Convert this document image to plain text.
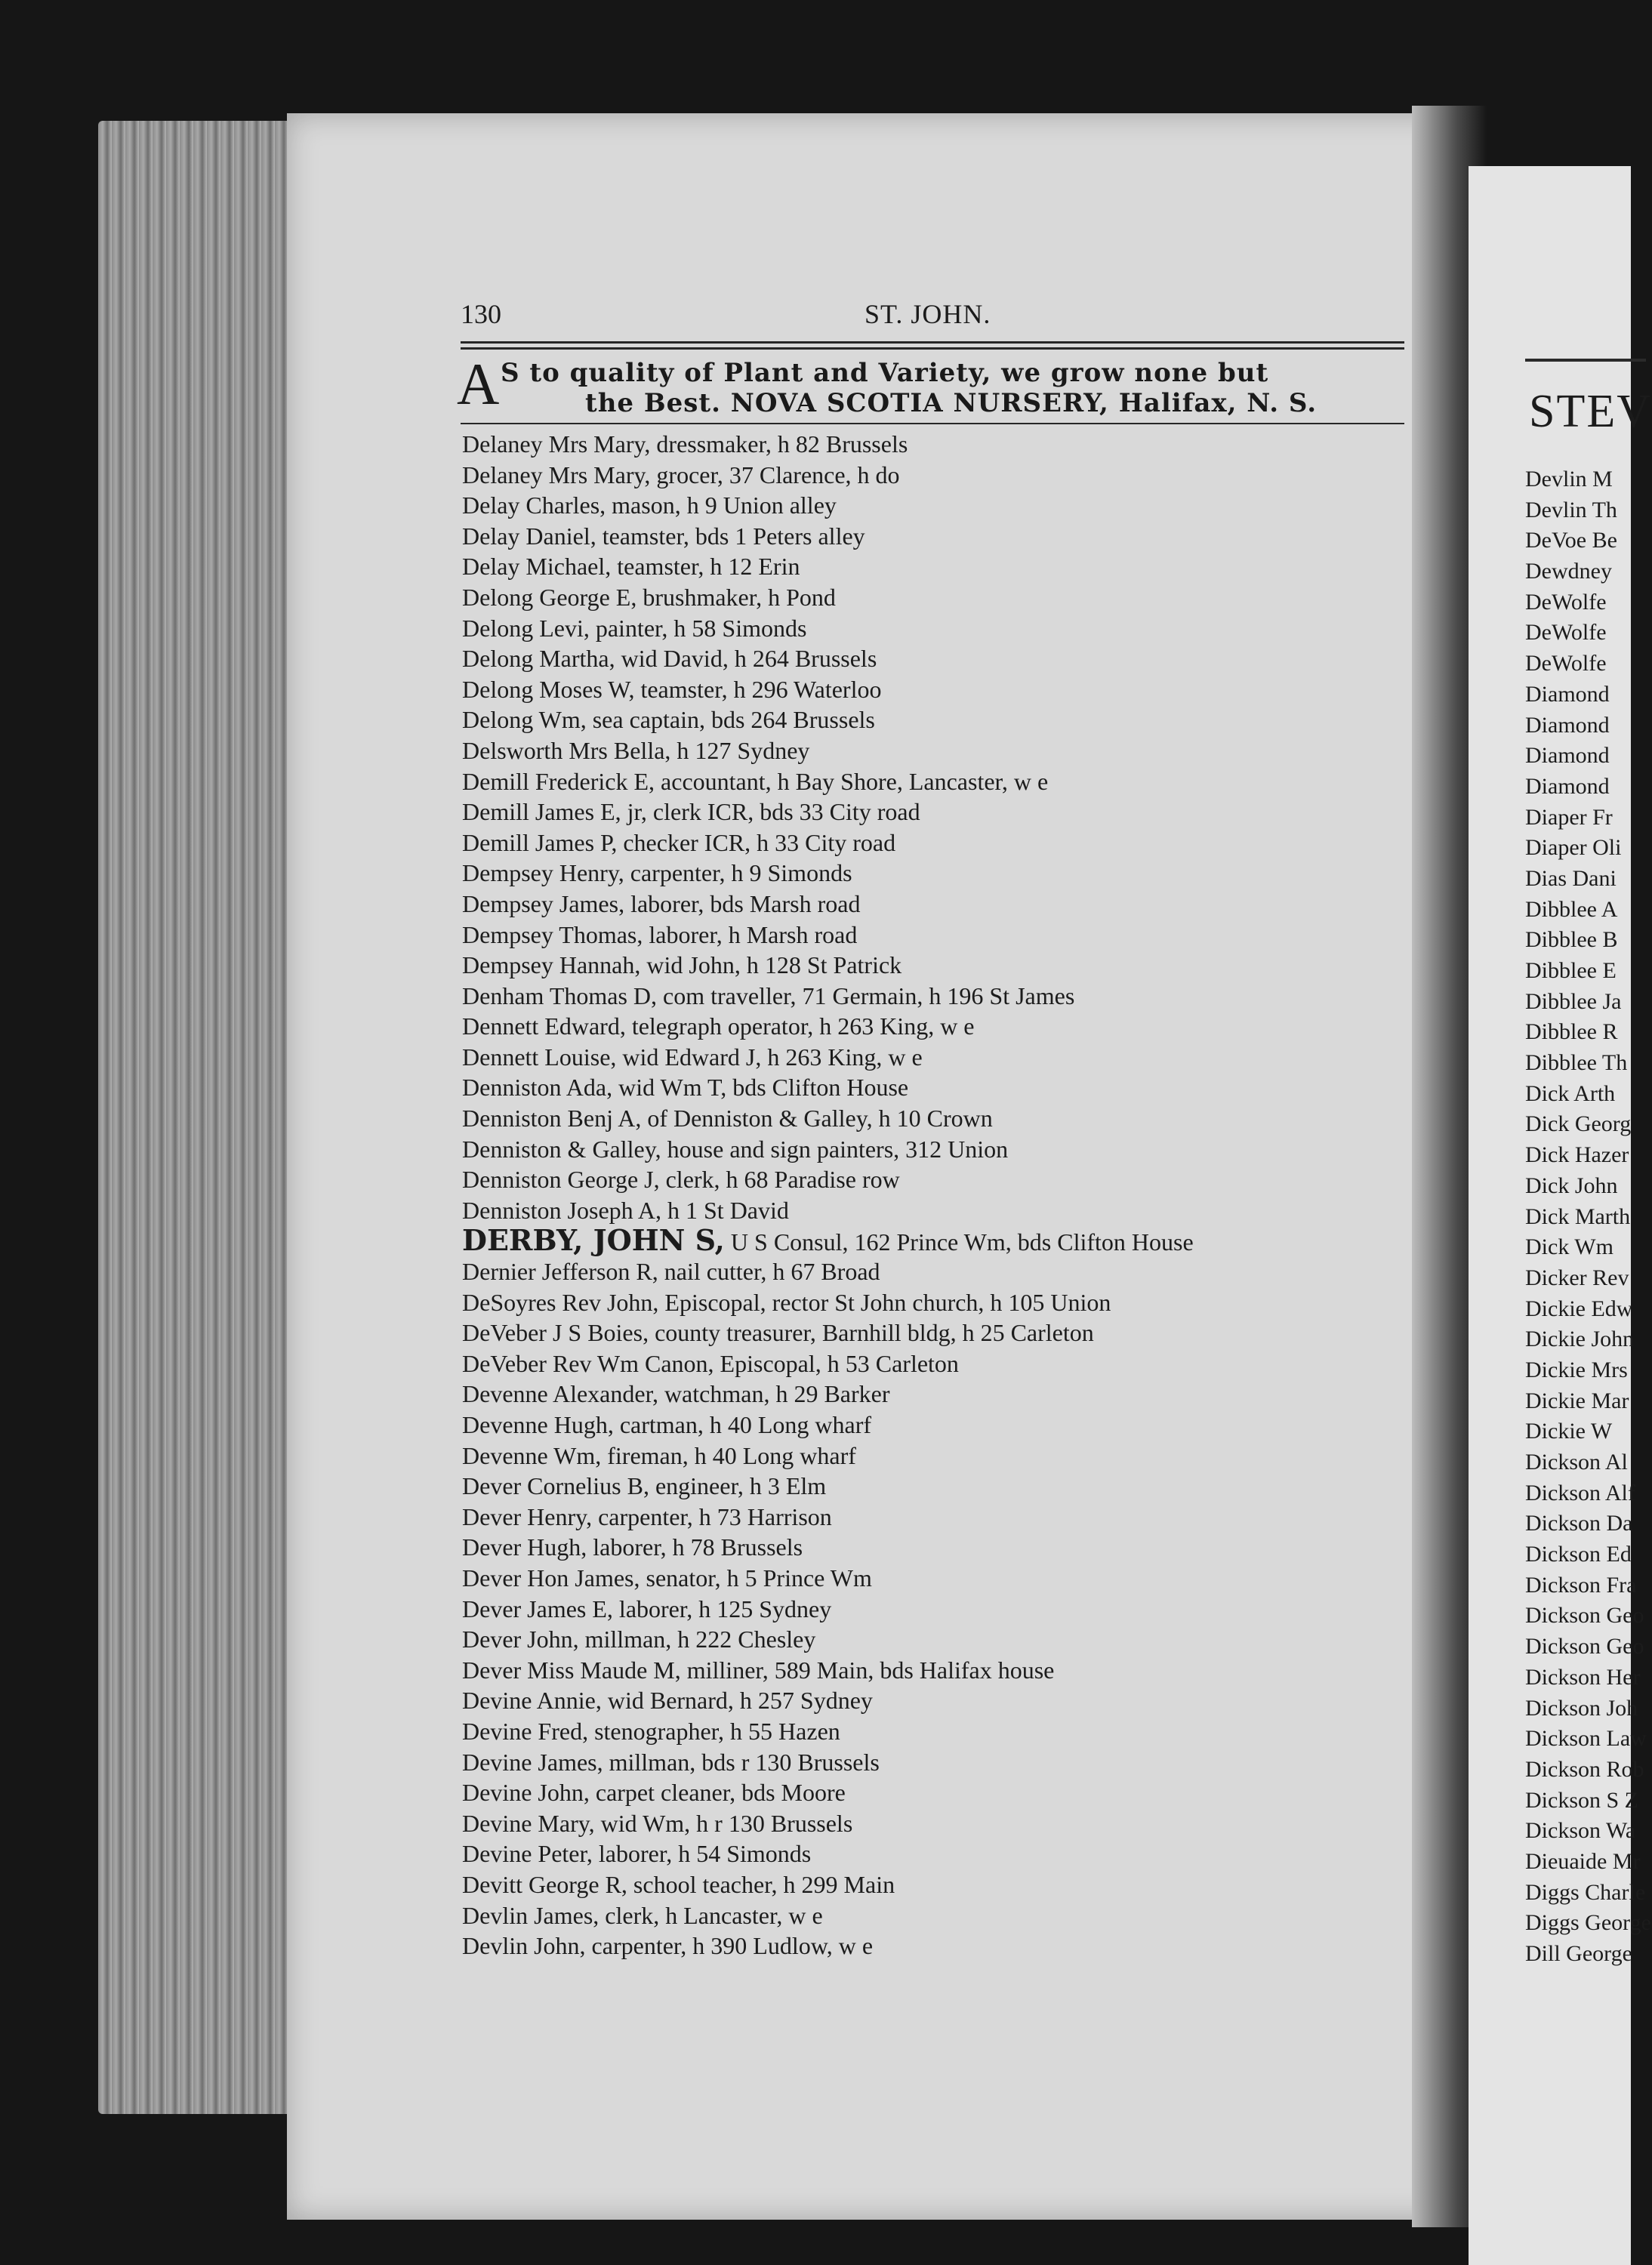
130	ST. JOHN.
A S to quality of Plant and Variety, we grow none but
the Best. NOVA SCOTIA NURSERY, Halifax, N. S.
Delaney Mrs Mary, dressmaker, h 82 Brussels
Delaney Mrs Mary, grocer, 37 Clarence, h do
Delay Charles, mason, h 9 Union alley
Delay Daniel, teamster, bds 1 Peters alley
Delay Michael, teamster, h 12 Erin
Delong George E, brushmaker, h Pond
Delong Levi, painter, h 58 Simonds
Delong Martha, wid David, h 264 Brussels
Delong Moses W, teamster, h 296 Waterloo
Delong Wm, sea captain, bds 264 Brussels
Delsworth Mrs Bella, h 127 Sydney
Demill Frederick E, accountant, h Bay Shore, Lancaster, w e
Demill James E, jr, clerk ICR, bds 33 City road
Demill James P, checker ICR, h 33 City road
Dempsey Henry, carpenter, h 9 Simonds
Dempsey James, laborer, bds Marsh road
Dempsey Thomas, laborer, h Marsh road
Dempsey Hannah, wid John, h 128 St Patrick
Denham Thomas D, com traveller, 71 Germain, h 196 St James
Dennett Edward, telegraph operator, h 263 King, w e
Dennett Louise, wid Edward J, h 263 King, w e
Denniston Ada, wid Wm T, bds Clifton House
Denniston Benj A, of Denniston & Galley, h 10 Crown
Denniston & Galley, house and sign painters, 312 Union
Denniston George J, clerk, h 68 Paradise row
Denniston Joseph A, h 1 St David
DERBY, JOHN S, U S Consul, 162 Prince Wm, bds Clifton House
Dernier Jefferson R, nail cutter, h 67 Broad
DeSoyres Rev John, Episcopal, rector St John church, h 105 Union
DeVeber J S Boies, county treasurer, Barnhill bldg, h 25 Carleton
DeVeber Rev Wm Canon, Episcopal, h 53 Carleton
Devenne Alexander, watchman, h 29 Barker
Devenne Hugh, cartman, h 40 Long wharf
Devenne Wm, fireman, h 40 Long wharf
Dever Cornelius B, engineer, h 3 Elm
Dever Henry, carpenter, h 73 Harrison
Dever Hugh, laborer, h 78 Brussels
Dever Hon James, senator, h 5 Prince Wm
Dever James E, laborer, h 125 Sydney
Dever John, millman, h 222 Chesley
Dever Miss Maude M, milliner, 589 Main, bds Halifax house
Devine Annie, wid Bernard, h 257 Sydney
Devine Fred, stenographer, h 55 Hazen
Devine James, millman, bds r 130 Brussels
Devine John, carpet cleaner, bds Moore
Devine Mary, wid Wm, h r 130 Brussels
Devine Peter, laborer, h 54 Simonds
Devitt George R, school teacher, h 299 Main
Devlin James, clerk, h Lancaster, w e
Devlin John, carpenter, h 390 Ludlow, w e
STEV
Devlin M
Devlin Th
DeVoe Be
Dewdney
DeWolfe
DeWolfe
DeWolfe
Diamond
Diamond
Diamond
Diamond
Diaper Fr
Diaper Oli
Dias Dani
Dibblee A
Dibblee B
Dibblee E
Dibblee Ja
Dibblee R
Dibblee Th
Dick Arth
Dick Georg
Dick Hazer
Dick John
Dick Marth
Dick Wm
Dicker Rev
Dickie Edw
Dickie John
Dickie Mrs
Dickie Mar
Dickie W
Dickson Al
Dickson Alf
Dickson Da
Dickson Ed
Dickson Fra
Dickson Geo
Dickson Geo
Dickson Her
Dickson Joh
Dickson Law
Dickson Rob
Dickson S Z
Dickson Wa
Dieuaide Mr
Diggs Charle
Diggs George
Dill George
